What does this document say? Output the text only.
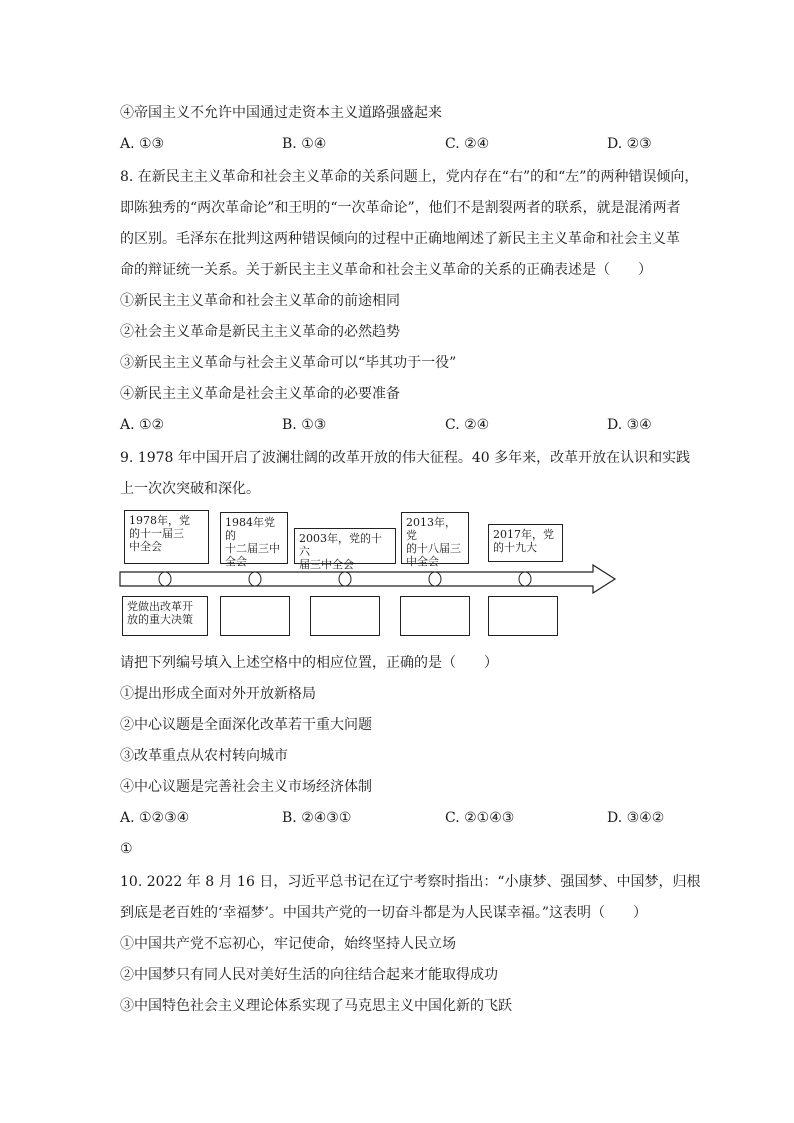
④帝国主义不允许中国通过走资本主义道路强盛起来
A. ①③	B. ①④	C. ②④	D. ②③
8. 在新民主主义革命和社会主义革命的关系问题上，党内存在“右”的和“左”的两种错误倾向，
即陈独秀的“两次革命论”和王明的“一次革命论”，他们不是割裂两者的联系，就是混淆两者
的区别。毛泽东在批判这两种错误倾向的过程中正确地阐述了新民主主义革命和社会主义革
命的辩证统一关系。关于新民主主义革命和社会主义革命的关系的正确表述是（　　）
①新民主主义革命和社会主义革命的前途相同
②社会主义革命是新民主主义革命的必然趋势
③新民主主义革命与社会主义革命可以“毕其功于一役”
④新民主主义革命是社会主义革命的必要准备
A. ①②	B. ①③	C. ②④	D. ③④
9. 1978 年中国开启了波澜壮阔的改革开放的伟大征程。40 多年来，改革开放在认识和实践
上一次次突破和深化。
1978年，党
的十一届三
中全会
1984年党的
十二届三中
全会
2003年，党的十六
届三中全会
2013年，党
的十八届三
中全会
2017年，党
的十九大
党做出改革开
放的重大决策
请把下列编号填入上述空格中的相应位置，正确的是（　　）
①提出形成全面对外开放新格局
②中心议题是全面深化改革若干重大问题
③改革重点从农村转向城市
④中心议题是完善社会主义市场经济体制
A. ①②③④	B. ②④③①	C. ②①④③	D. ③④②
①
10. 2022 年 8 月 16 日，习近平总书记在辽宁考察时指出：“小康梦、强国梦、中国梦，归根
到底是老百姓的‘幸福梦’。中国共产党的一切奋斗都是为人民谋幸福。”这表明（　　）
①中国共产党不忘初心，牢记使命，始终坚持人民立场
②中国梦只有同人民对美好生活的向往结合起来才能取得成功
③中国特色社会主义理论体系实现了马克思主义中国化新的飞跃
